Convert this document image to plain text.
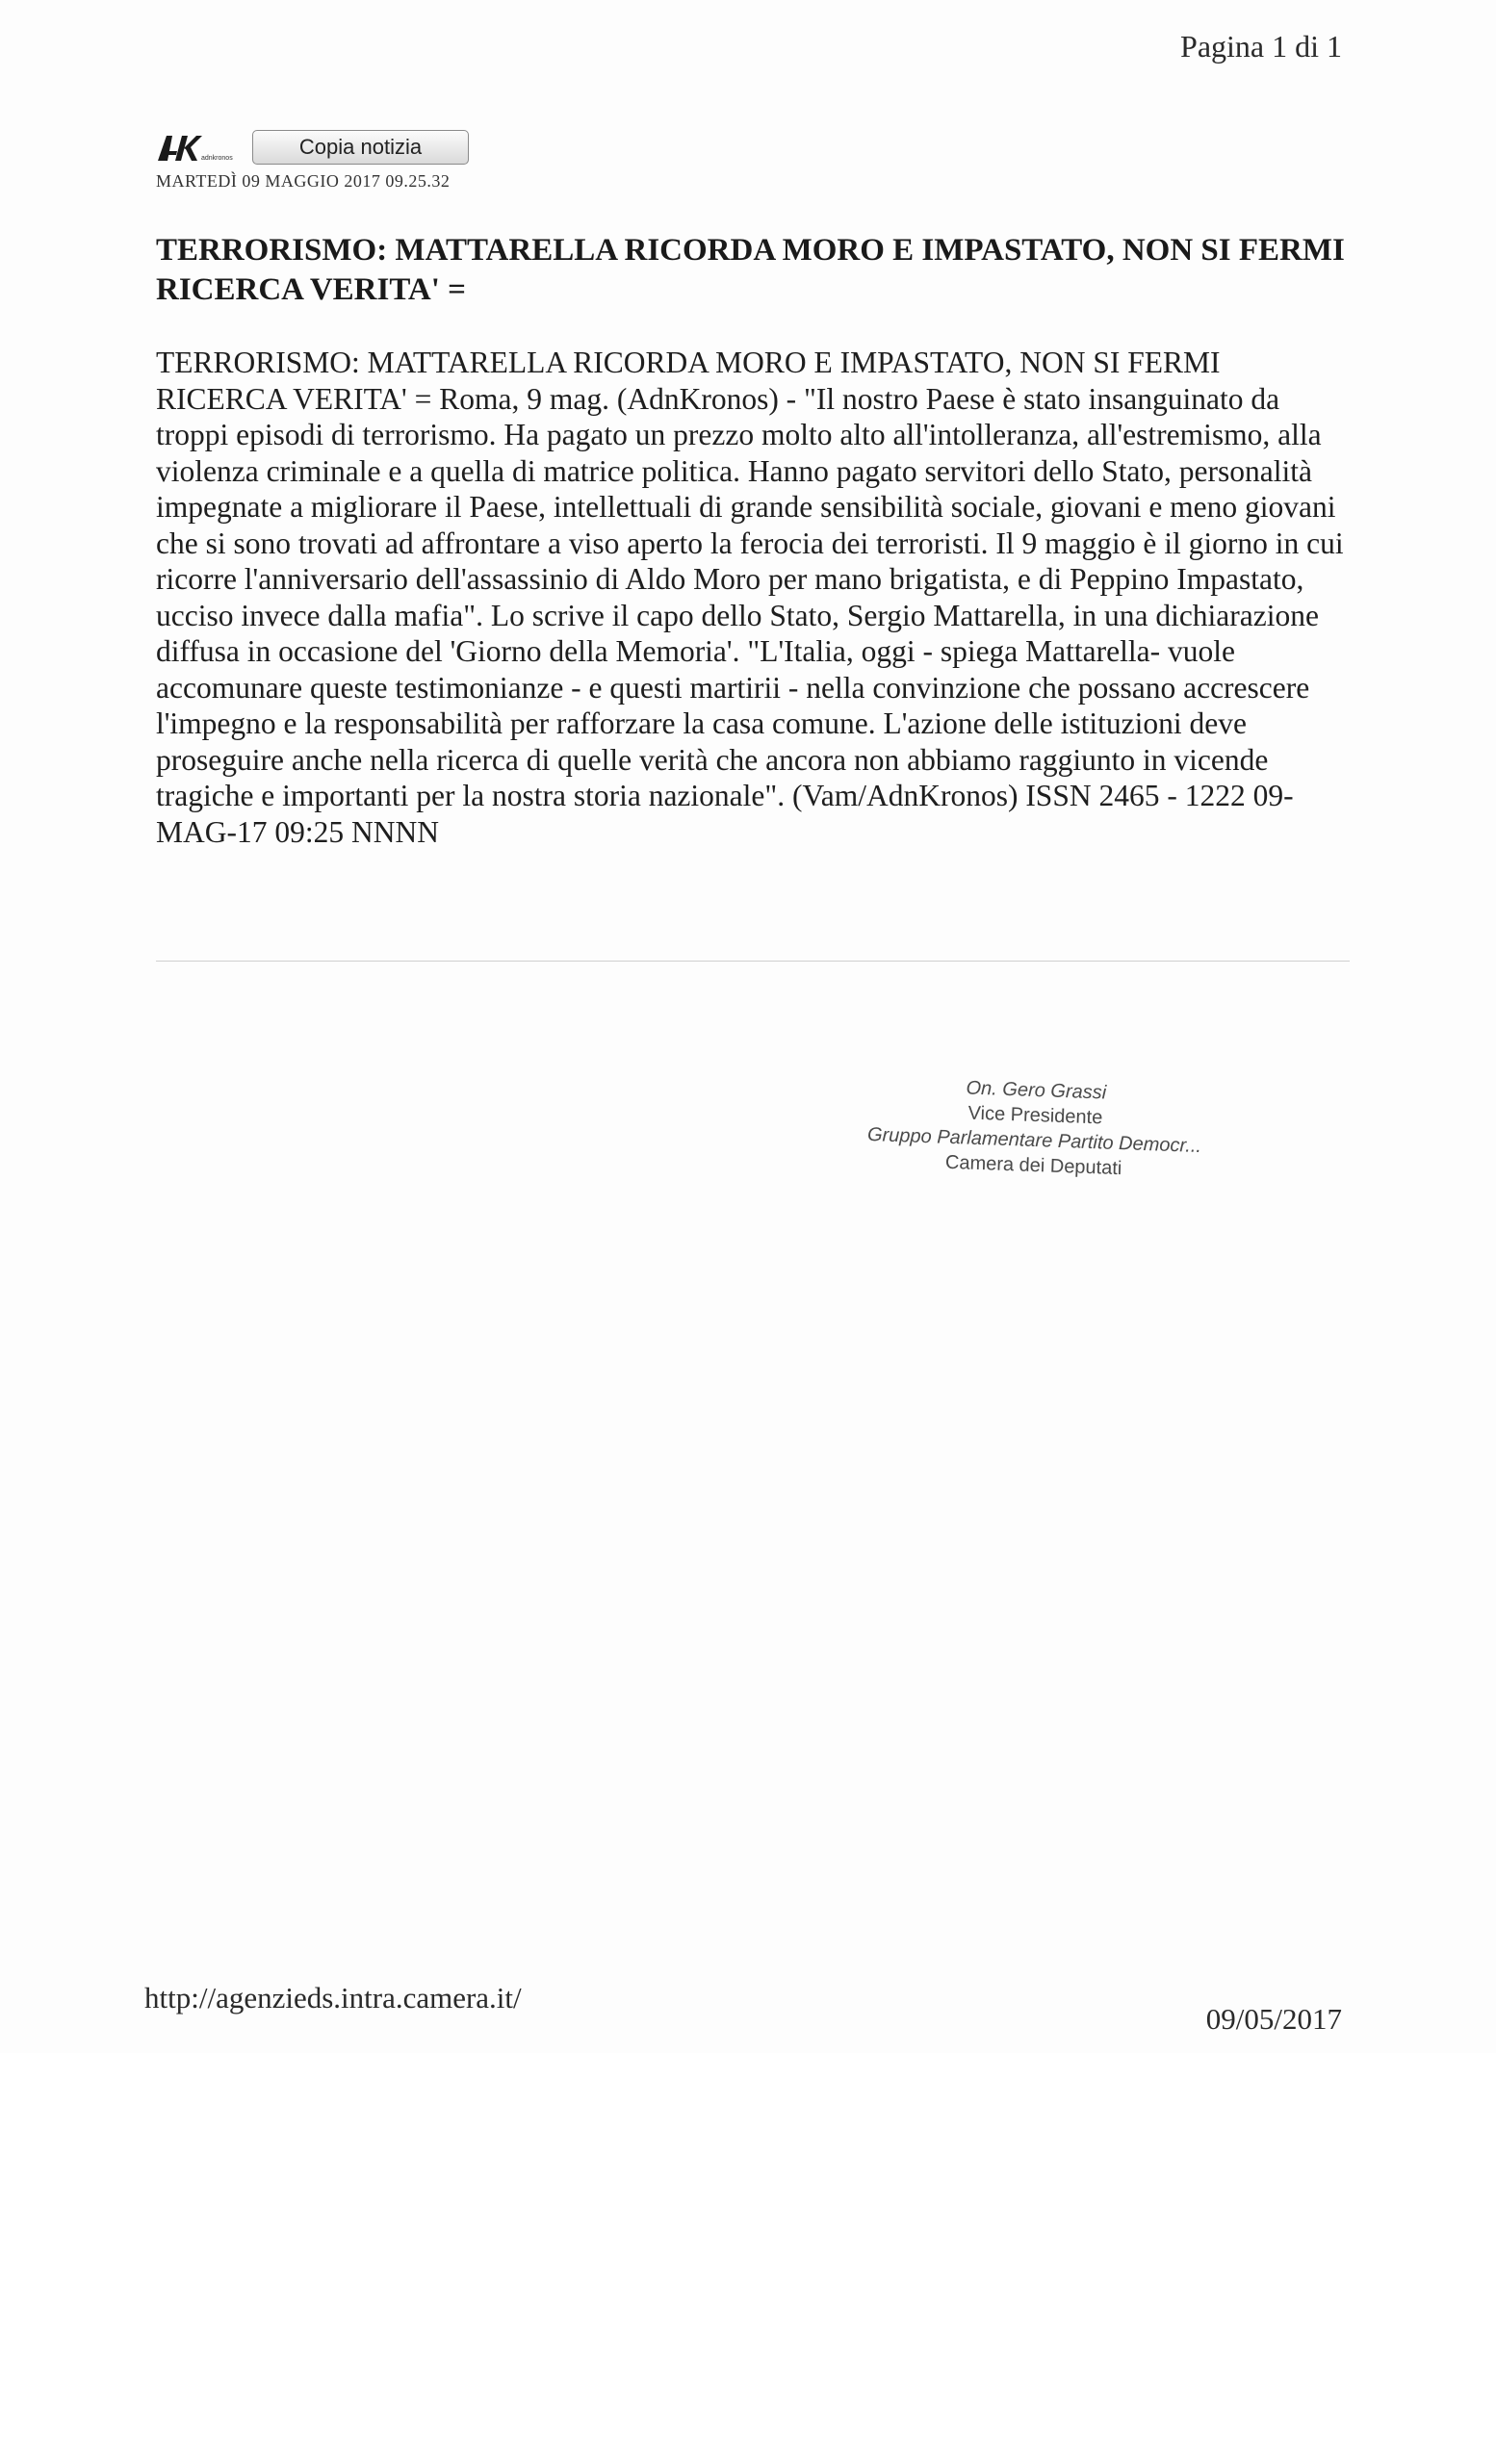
Pagina 1 di 1
adnkronos	Copia notizia
MARTEDÌ 09 MAGGIO 2017 09.25.32
TERRORISMO: MATTARELLA RICORDA MORO E IMPASTATO, NON SI FERMI RICERCA VERITA' =
TERRORISMO: MATTARELLA RICORDA MORO E IMPASTATO, NON SI FERMI RICERCA VERITA' = Roma, 9 mag. (AdnKronos) - "Il nostro Paese è stato insanguinato da troppi episodi di terrorismo. Ha pagato un prezzo molto alto all'intolleranza, all'estremismo, alla violenza criminale e a quella di matrice politica. Hanno pagato servitori dello Stato, personalità impegnate a migliorare il Paese, intellettuali di grande sensibilità sociale, giovani e meno giovani che si sono trovati ad affrontare a viso aperto la ferocia dei terroristi. Il 9 maggio è il giorno in cui ricorre l'anniversario dell'assassinio di Aldo Moro per mano brigatista, e di Peppino Impastato, ucciso invece dalla mafia". Lo scrive il capo dello Stato, Sergio Mattarella, in una dichiarazione diffusa in occasione del 'Giorno della Memoria'. "L'Italia, oggi - spiega Mattarella- vuole accomunare queste testimonianze - e questi martirii - nella convinzione che possano accrescere l'impegno e la responsabilità per rafforzare la casa comune. L'azione delle istituzioni deve proseguire anche nella ricerca di quelle verità che ancora non abbiamo raggiunto in vicende tragiche e importanti per la nostra storia nazionale". (Vam/AdnKronos) ISSN 2465 - 1222 09-MAG-17 09:25 NNNN
On. Gero Grassi
Vice Presidente
Gruppo Parlamentare Partito Democr...
Camera dei Deputati
http://agenzieds.intra.camera.it/
09/05/2017
